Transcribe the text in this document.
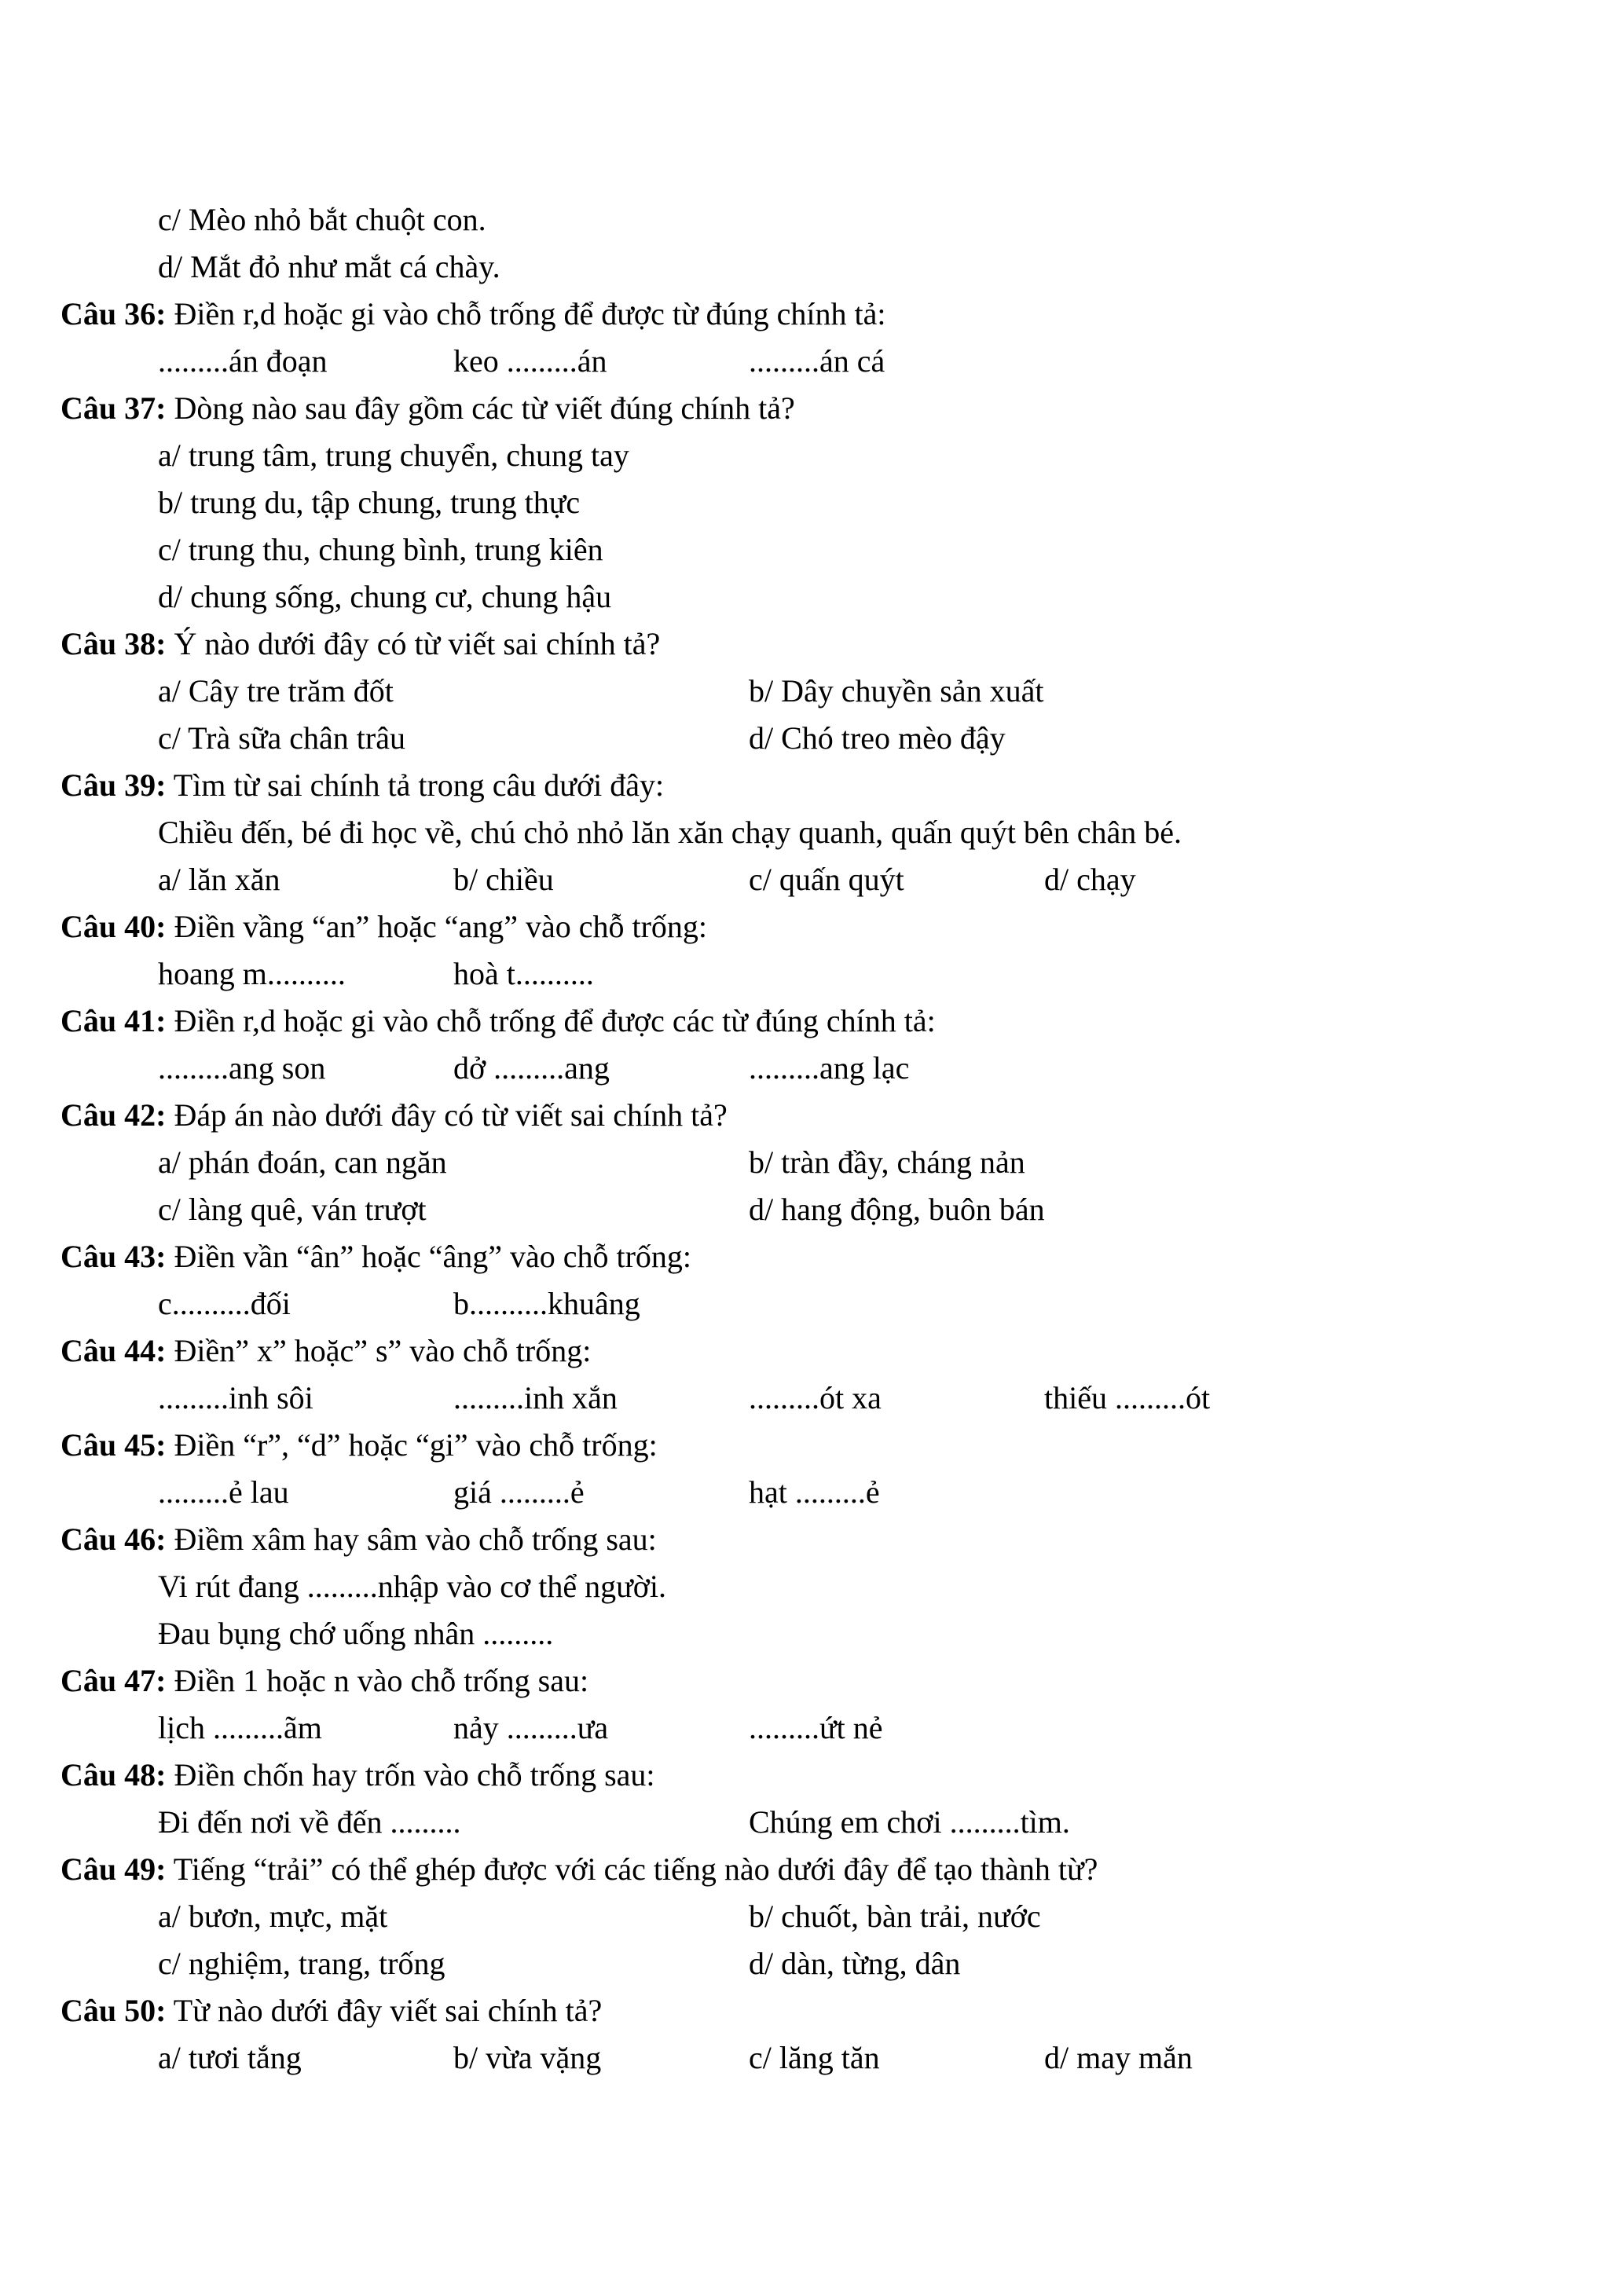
c/ Mèo nhỏ bắt chuột con.
d/ Mắt đỏ như mắt cá chày.
Câu 36: Điền r,d hoặc gi vào chỗ trống để được từ đúng chính tả:
.........án đoạn	keo .........án	.........án cá
Câu 37: Dòng nào sau đây gồm các từ viết đúng chính tả?
a/ trung tâm, trung chuyển, chung tay
b/ trung du, tập chung, trung thực
c/ trung thu, chung bình, trung kiên
d/ chung sống, chung cư, chung hậu
Câu 38: Ý nào dưới đây có từ viết sai chính tả?
a/ Cây tre trăm đốt	b/ Dây chuyền sản xuất
c/ Trà sữa chân trâu	d/ Chó treo mèo đậy
Câu 39: Tìm từ sai chính tả trong câu dưới đây:
Chiều đến, bé đi học về, chú chỏ nhỏ lăn xăn chạy quanh, quấn quýt bên chân bé.
a/ lăn xăn	b/ chiều	c/ quấn quýt	d/ chạy
Câu 40: Điền vầng “an” hoặc “ang” vào chỗ trống:
hoang m..........	hoà t..........
Câu 41: Điền r,d hoặc gi vào chỗ trống để được các từ đúng chính tả:
.........ang son	dở .........ang	.........ang lạc
Câu 42: Đáp án nào dưới đây có từ viết sai chính tả?
a/ phán đoán, can ngăn	b/ tràn đầy, cháng nản
c/ làng quê, ván trượt	d/ hang động, buôn bán
Câu 43: Điền vần “ân” hoặc “âng” vào chỗ trống:
c..........đối	b..........khuâng
Câu 44: Điền” x” hoặc” s” vào chỗ trống:
.........inh sôi	.........inh xắn	.........ót xa	thiếu .........ót
Câu 45: Điền “r”, “d” hoặc “gi” vào chỗ trống:
.........ẻ lau	giá .........ẻ	hạt .........ẻ
Câu 46: Điềm xâm hay sâm vào chỗ trống sau:
Vi rút đang .........nhập vào cơ thể người.
Đau bụng chớ uống nhân .........
Câu 47: Điền 1 hoặc n vào chỗ trống sau:
lịch .........ãm	nảy .........ưa	.........ứt nẻ
Câu 48: Điền chốn hay trốn vào chỗ trống sau:
Đi đến nơi về đến .........	Chúng em chơi .........tìm.
Câu 49: Tiếng “trải” có thể ghép được với các tiếng nào dưới đây để tạo thành từ?
a/ bươn, mực, mặt	b/ chuốt, bàn trải, nước
c/ nghiệm, trang, trống	d/ dàn, từng, dân
Câu 50: Từ nào dưới đây viết sai chính tả?
a/ tươi tắng	b/ vừa vặng	c/ lăng tăn	d/ may mắn
